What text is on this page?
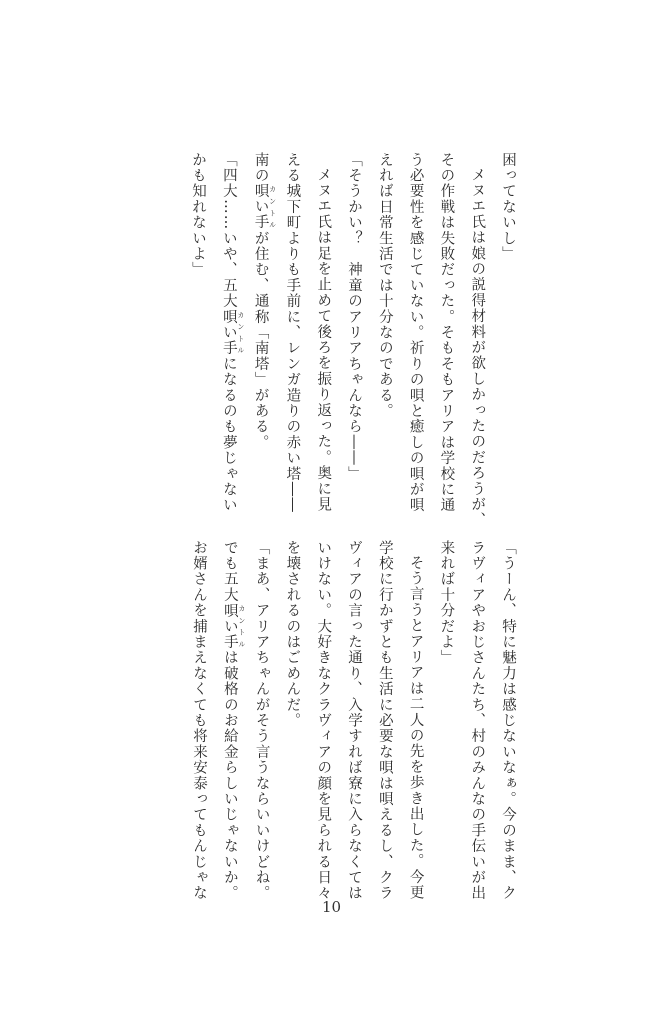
困ってないし」
メヌエ氏は娘の説得材料が欲しかったのだろうが、
その作戦は失敗だった。そもそもアリアは学校に通
う必要性を感じていない。祈りの唄と癒しの唄が唄
えれば日常生活では十分なのである。
「そうかい？　神童のアリアちゃんなら――」
メヌエ氏は足を止めて後ろを振り返った。奥に見
える城下町よりも手前に、レンガ造りの赤い塔――
南の唄い手 カントルが住む、通称「南塔」がある。
「四大……いや、五大唄い手 カントルになるのも夢じゃない
かも知れないよ」
「うーん、特に魅力は感じないなぁ。今のまま、ク
ラヴィアやおじさんたち、村のみんなの手伝いが出
来れば十分だよ」
そう言うとアリアは二人の先を歩き出した。今更
学校に行かずとも生活に必要な唄は唄えるし、クラ
ヴィアの言った通り、入学すれば寮に入らなくては
いけない。大好きなクラヴィアの顔を見られる日々
を壊されるのはごめんだ。
「まあ、アリアちゃんがそう言うならいいけどね。
でも五大唄い手 カントルは破格のお給金らしいじゃないか。
お婿さんを捕まえなくても将来安泰ってもんじゃな
10
